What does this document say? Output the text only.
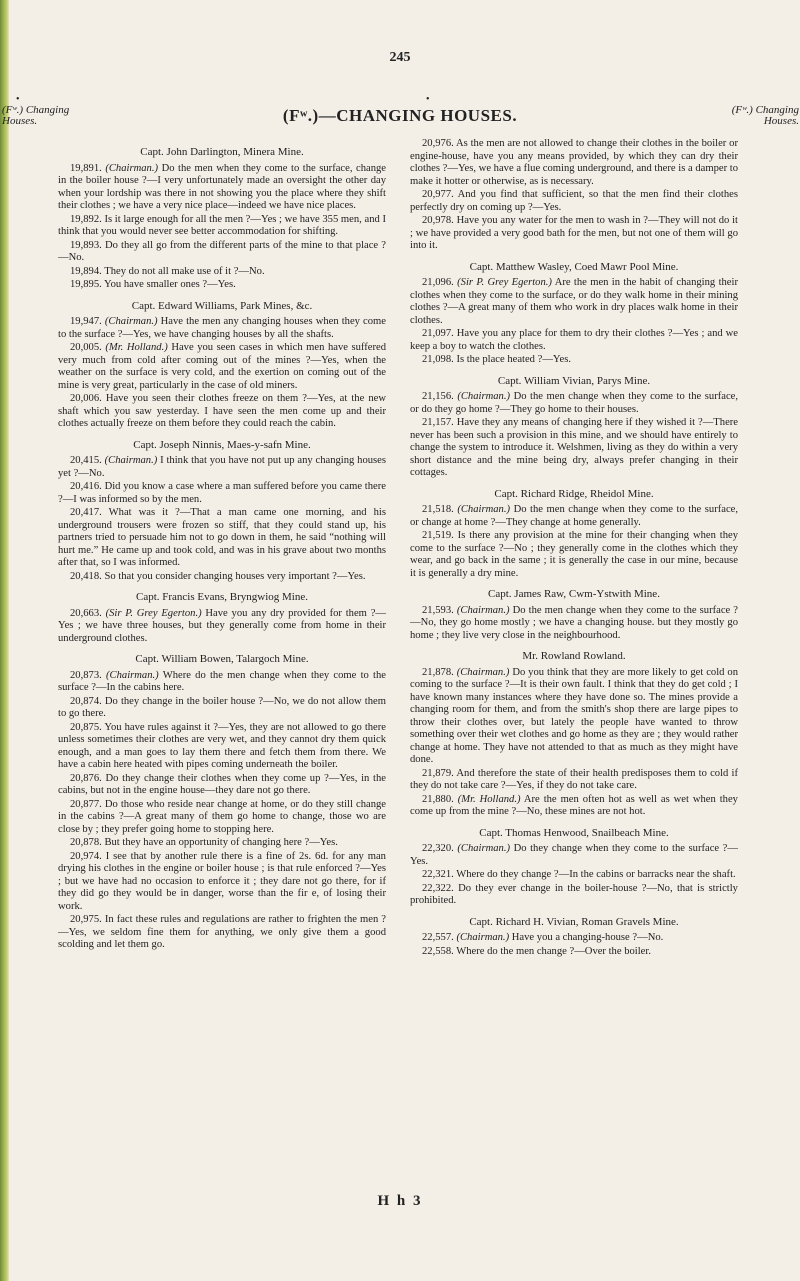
245
•	•
(Fʷ.) Changing
Houses.	(Fʷ.)—CHANGING HOUSES.	(Fʷ.) Changing
Houses.
Capt. John Darlington, Minera Mine.

19,891. (Chairman.) Do the men when they come to the surface, change in the boiler house ?—I very unfortunately made an oversight the other day when your lordship was there in not showing you the place where they shift their clothes ; we have a very nice place—indeed we have nice places.

19,892. Is it large enough for all the men ?—Yes ; we have 355 men, and I think that you would never see better accommodation for shifting.

19,893. Do they all go from the different parts of the mine to that place ?—No.

19,894. They do not all make use of it ?—No.

19,895. You have smaller ones ?—Yes.

Capt. Edward Williams, Park Mines, &c.

19,947. (Chairman.) Have the men any changing houses when they come to the surface ?—Yes, we have changing houses by all the shafts.

20,005. (Mr. Holland.) Have you seen cases in which men have suffered very much from cold after coming out of the mines ?—Yes, when the weather on the surface is very cold, and the exertion on coming out of the mine is very great, particularly in the case of old miners.

20,006. Have you seen their clothes freeze on them ?—Yes, at the new shaft which you saw yesterday. I have seen the men come up and their clothes actually freeze on them before they could reach the cabin.

Capt. Joseph Ninnis, Maes-y-safn Mine.

20,415. (Chairman.) I think that you have not put up any changing houses yet ?—No.

20,416. Did you know a case where a man suffered before you came there ?—I was informed so by the men.

20,417. What was it ?—That a man came one morning, and his underground trousers were frozen so stiff, that they could stand up, his partners tried to persuade him not to go down in them, he said “nothing will hurt me.” He came up and took cold, and was in his grave about two months after that, so I was informed.

20,418. So that you consider changing houses very important ?—Yes.

Capt. Francis Evans, Bryngwiog Mine.

20,663. (Sir P. Grey Egerton.) Have you any dry provided for them ?—Yes ; we have three houses, but they generally come from home in their underground clothes.

Capt. William Bowen, Talargoch Mine.

20,873. (Chairman.) Where do the men change when they come to the surface ?—In the cabins here.

20,874. Do they change in the boiler house ?—No, we do not allow them to go there.

20,875. You have rules against it ?—Yes, they are not allowed to go there unless sometimes their clothes are very wet, and they cannot dry them quick enough, and a man goes to lay them there and fetch them from there. We have a cabin here heated with pipes coming underneath the boiler.

20,876. Do they change their clothes when they come up ?—Yes, in the cabins, but not in the engine house—they dare not go there.

20,877. Do those who reside near change at home, or do they still change in the cabins ?—A great many of them go home to change, those wo are close by ; they prefer going home to stopping here.

20,878. But they have an opportunity of changing here ?—Yes.

20,974. I see that by another rule there is a fine of 2s. 6d. for any man drying his clothes in the engine or boiler house ; is that rule enforced ?—Yes ; but we have had no occasion to enforce it ; they dare not go there, for if they did go they would be in danger, worse than the fir e, of losing their work.

20,975. In fact these rules and regulations are rather to frighten the men ?—Yes, we seldom fine them for anything, we only give them a good scolding and let them go.

20,976. As the men are not allowed to change their clothes in the boiler or engine-house, have you any means provided, by which they can dry their clothes ?—Yes, we have a flue coming underground, and there is a damper to make it hotter or otherwise, as is necessary.

20,977. And you find that sufficient, so that the men find their clothes perfectly dry on coming up ?—Yes.

20,978. Have you any water for the men to wash in ?—They will not do it ; we have provided a very good bath for the men, but not one of them will go into it.

Capt. Matthew Wasley, Coed Mawr Pool Mine.

21,096. (Sir P. Grey Egerton.) Are the men in the habit of changing their clothes when they come to the surface, or do they walk home in their mining clothes ?—A great many of them who work in dry places walk home in their clothes.

21,097. Have you any place for them to dry their clothes ?—Yes ; and we keep a boy to watch the clothes.

21,098. Is the place heated ?—Yes.

Capt. William Vivian, Parys Mine.

21,156. (Chairman.) Do the men change when they come to the surface, or do they go home ?—They go home to their houses.

21,157. Have they any means of changing here if they wished it ?—There never has been such a provision in this mine, and we should have entirely to change the system to introduce it. Welshmen, living as they do within a very short distance and the mine being dry, always prefer changing in their cottages.

Capt. Richard Ridge, Rheidol Mine.

21,518. (Chairman.) Do the men change when they come to the surface, or change at home ?—They change at home generally.

21,519. Is there any provision at the mine for their changing when they come to the surface ?—No ; they generally come in the clothes which they wear, and go back in the same ; it is generally the case in our mine, because it is generally a dry mine.

Capt. James Raw, Cwm-Ystwith Mine.

21,593. (Chairman.) Do the men change when they come to the surface ?—No, they go home mostly ; we have a changing house. but they mostly go home ; they live very close in the neighbourhood.

Mr. Rowland Rowland.

21,878. (Chairman.) Do you think that they are more likely to get cold on coming to the surface ?—It is their own fault. I think that they do get cold ; I have known many instances where they have done so. The mines provide a changing room for them, and from the smith's shop there are large pipes to throw their clothes over, but lately the people have wanted to throw something over their wet clothes and go home as they are ; they would rather change at home. They have not attended to that as much as they might have done.

21,879. And therefore the state of their health predisposes them to cold if they do not take care ?—Yes, if they do not take care.

21,880. (Mr. Holland.) Are the men often hot as well as wet when they come up from the mine ?—No, these mines are not hot.

Capt. Thomas Henwood, Snailbeach Mine.

22,320. (Chairman.) Do they change when they come to the surface ?—Yes.

22,321. Where do they change ?—In the cabins or barracks near the shaft.

22,322. Do they ever change in the boiler-house ?—No, that is strictly prohibited.

Capt. Richard H. Vivian, Roman Gravels Mine.

22,557. (Chairman.) Have you a changing-house ?—No.

22,558. Where do the men change ?—Over the boiler.

H h 3
